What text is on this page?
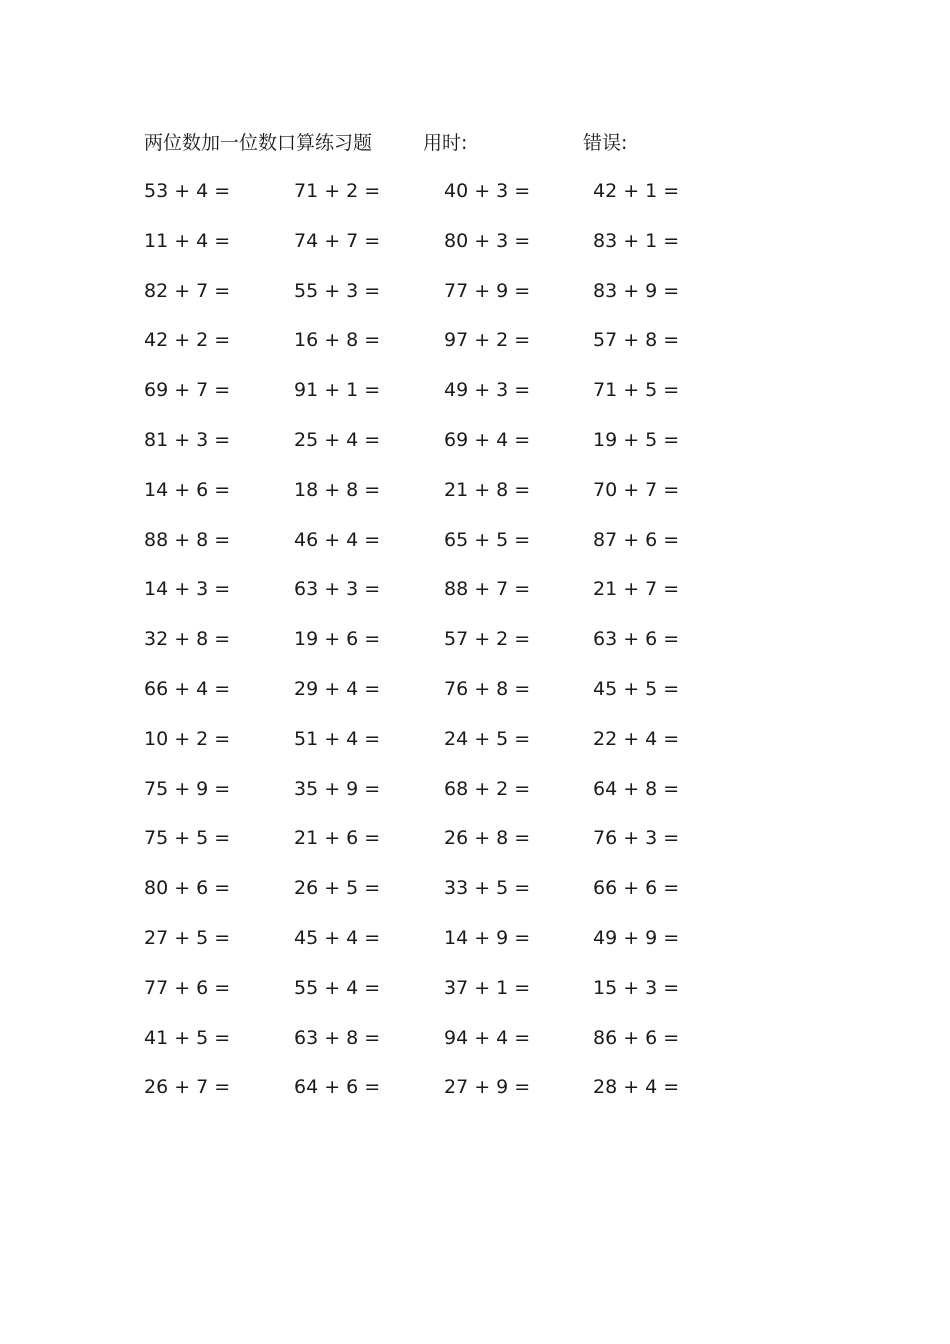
两位数加一位数口算练习题	用时:	错误:
53 + 4 =	71 + 2 =	40 + 3 =	42 + 1 =
11 + 4 =	74 + 7 =	80 + 3 =	83 + 1 =
82 + 7 =	55 + 3 =	77 + 9 =	83 + 9 =
42 + 2 =	16 + 8 =	97 + 2 =	57 + 8 =
69 + 7 =	91 + 1 =	49 + 3 =	71 + 5 =
81 + 3 =	25 + 4 =	69 + 4 =	19 + 5 =
14 + 6 =	18 + 8 =	21 + 8 =	70 + 7 =
88 + 8 =	46 + 4 =	65 + 5 =	87 + 6 =
14 + 3 =	63 + 3 =	88 + 7 =	21 + 7 =
32 + 8 =	19 + 6 =	57 + 2 =	63 + 6 =
66 + 4 =	29 + 4 =	76 + 8 =	45 + 5 =
10 + 2 =	51 + 4 =	24 + 5 =	22 + 4 =
75 + 9 =	35 + 9 =	68 + 2 =	64 + 8 =
75 + 5 =	21 + 6 =	26 + 8 =	76 + 3 =
80 + 6 =	26 + 5 =	33 + 5 =	66 + 6 =
27 + 5 =	45 + 4 =	14 + 9 =	49 + 9 =
77 + 6 =	55 + 4 =	37 + 1 =	15 + 3 =
41 + 5 =	63 + 8 =	94 + 4 =	86 + 6 =
26 + 7 =	64 + 6 =	27 + 9 =	28 + 4 =
